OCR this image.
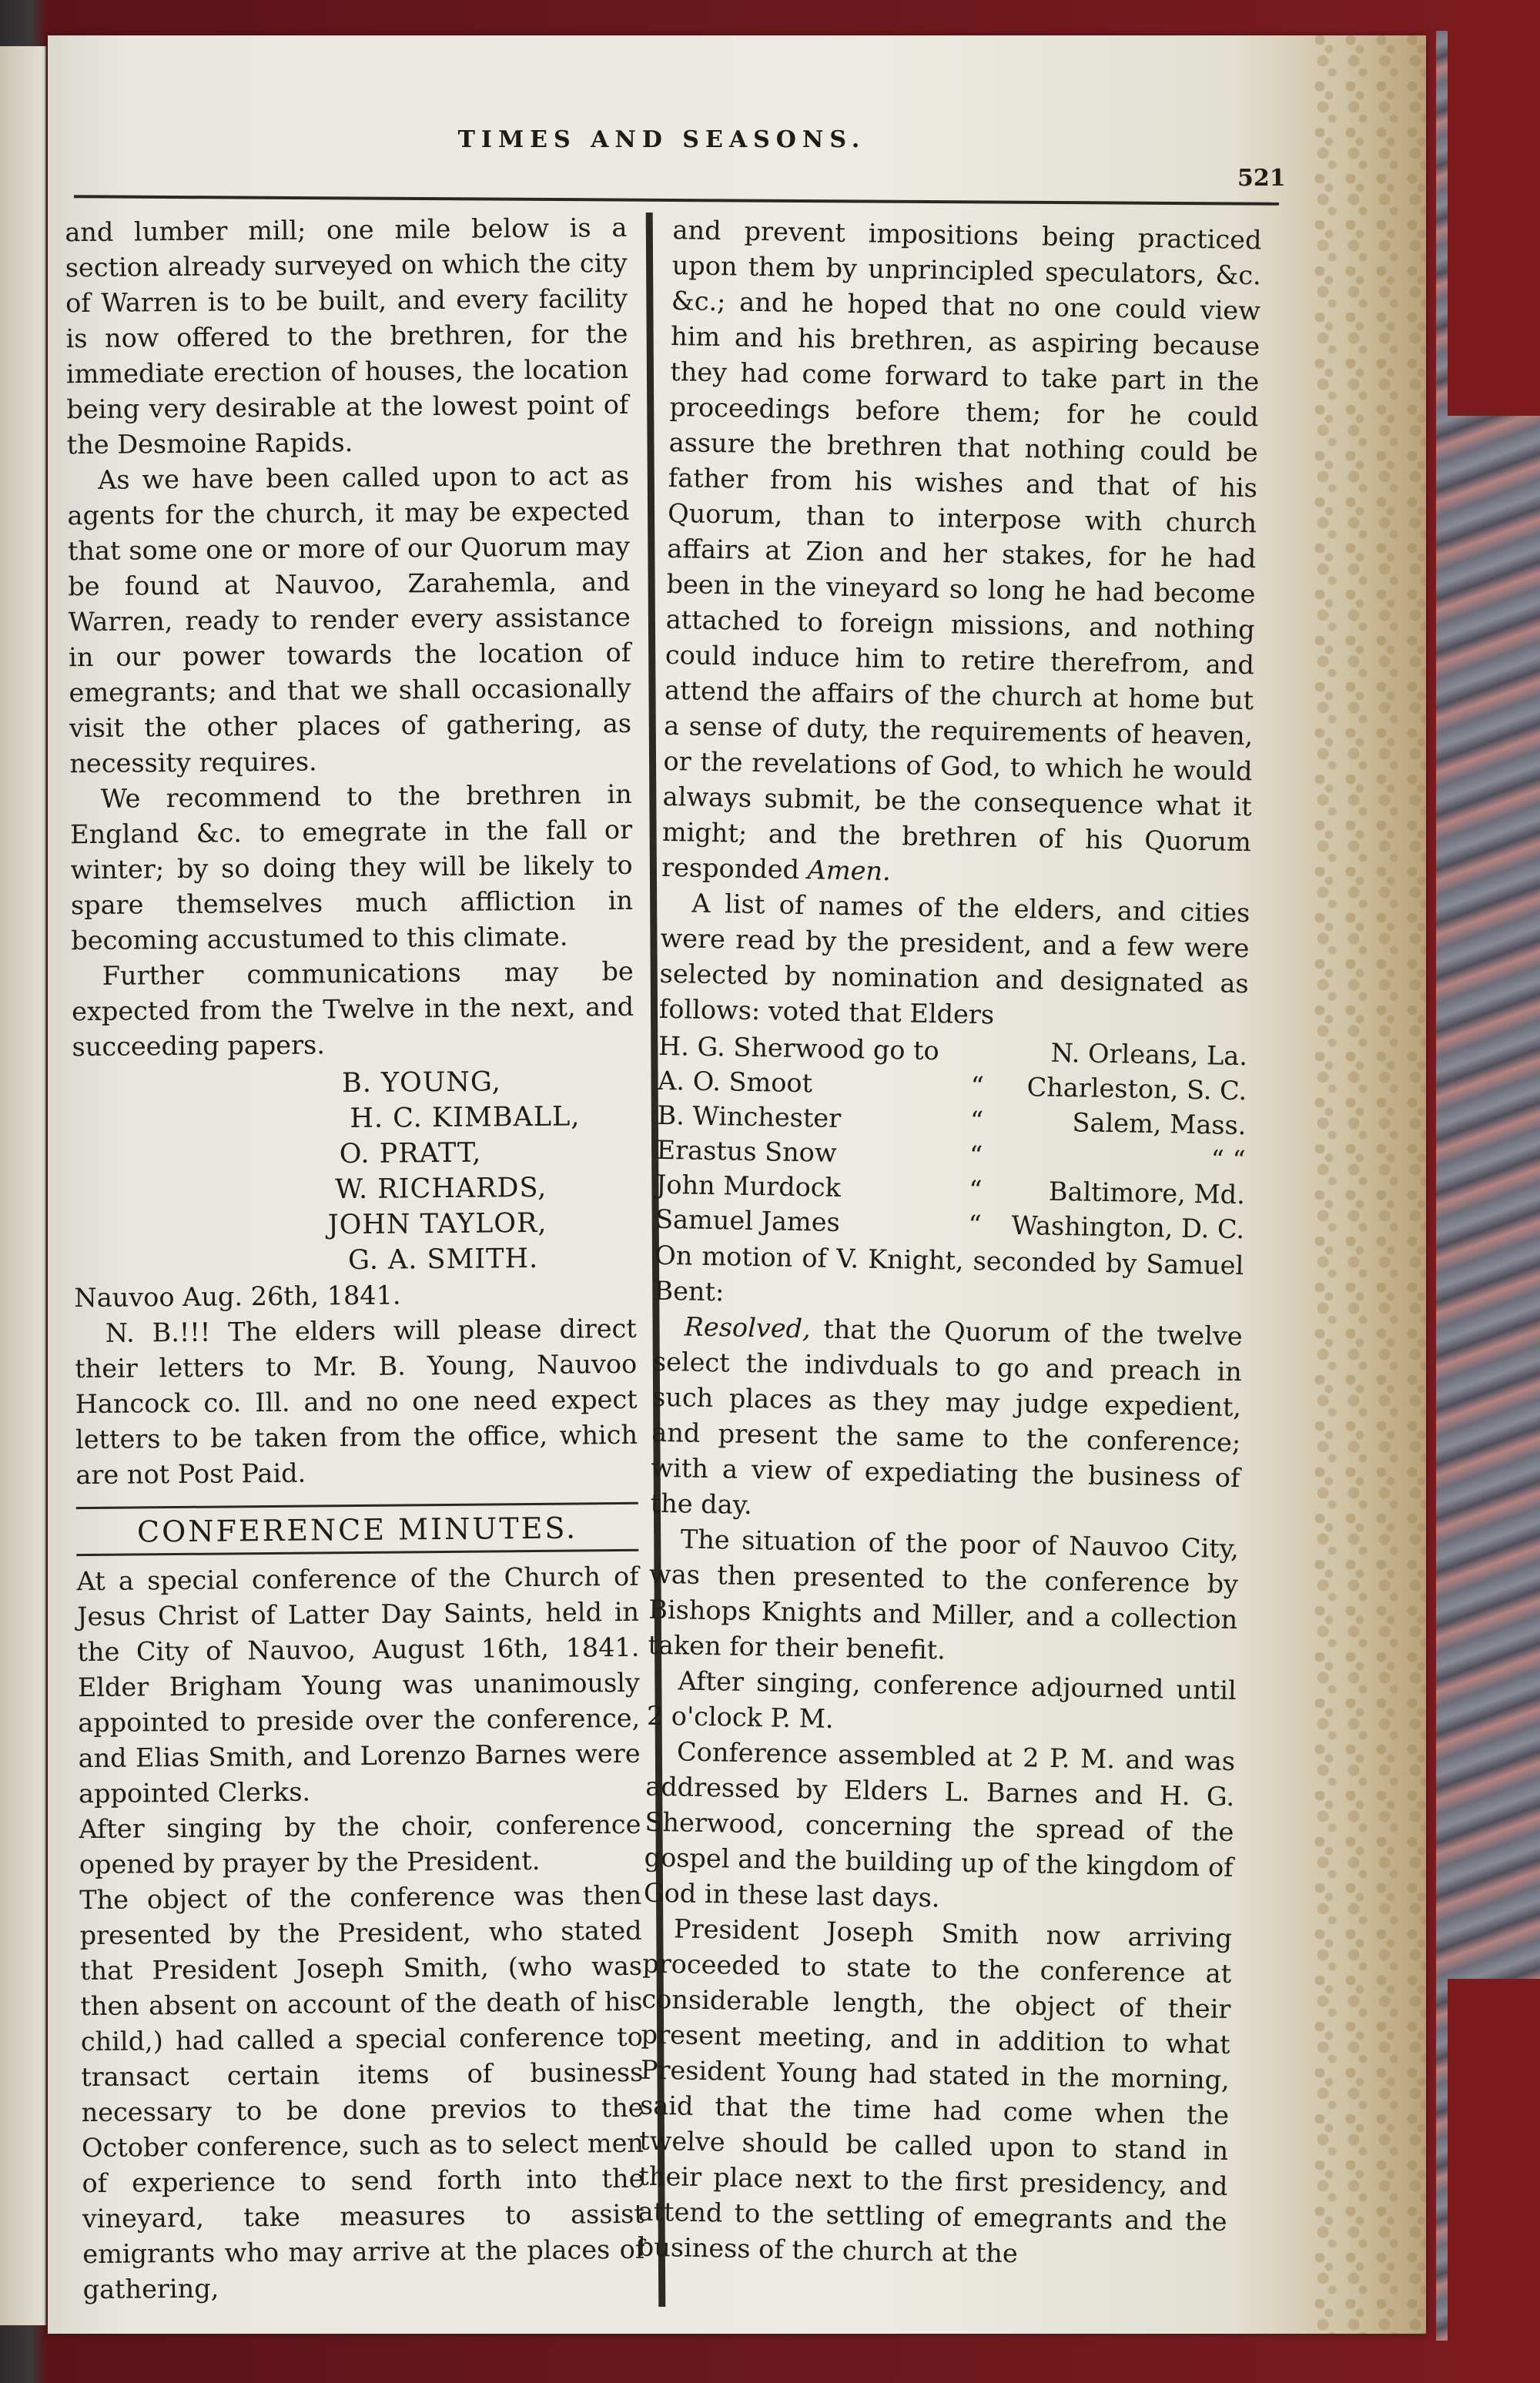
TIMES AND SEASONS.
521

and lumber mill; one mile below is a section already surveyed on which the city of Warren is to be built, and every facility is now offered to the brethren, for the immediate erection of houses, the location being very desirable at the lowest point of the Desmoine Rapids.

As we have been called upon to act as agents for the church, it may be expected that some one or more of our Quorum may be found at Nauvoo, Zarahemla, and Warren, ready to render every assistance in our power towards the location of emegrants; and that we shall occasionally visit the other places of gathering, as necessity requires.

We recommend to the brethren in England &c. to emegrate in the fall or winter; by so doing they will be likely to spare themselves much affliction in becoming accustumed to this climate.

Further communications may be expected from the Twelve in the next, and succeeding papers.

B. YOUNG,
H. C. KIMBALL,
O. PRATT,
W. RICHARDS,
JOHN TAYLOR,
G. A. SMITH.

Nauvoo Aug. 26th, 1841.

N. B.!!! The elders will please direct their letters to Mr. B. Young, Nauvoo Hancock co. Ill. and no one need expect letters to be taken from the office, which are not Post Paid.

CONFERENCE MINUTES.

At a special conference of the Church of Jesus Christ of Latter Day Saints, held in the City of Nauvoo, August 16th, 1841. Elder Brigham Young was unanimously appointed to preside over the conference, and Elias Smith, and Lorenzo Barnes were appointed Clerks.

After singing by the choir, conference opened by prayer by the President.

The object of the conference was then presented by the President, who stated that President Joseph Smith, (who was then absent on account of the death of his child,) had called a special conference to transact certain items of business necessary to be done previos to the October conference, such as to select men of experience to send forth into the vineyard, take measures to assist emigrants who may arrive at the places of gathering,

and prevent impositions being practiced upon them by unprincipled speculators, &c. &c.; and he hoped that no one could view him and his brethren, as aspiring because they had come forward to take part in the proceedings before them; for he could assure the brethren that nothing could be father from his wishes and that of his Quorum, than to interpose with church affairs at Zion and her stakes, for he had been in the vineyard so long he had become attached to foreign missions, and nothing could induce him to retire therefrom, and attend the affairs of the church at home but a sense of duty, the requirements of heaven, or the revelations of God, to which he would always submit, be the consequence what it might; and the brethren of his Quorum responded Amen.

A list of names of the elders, and cities were read by the president, and a few were selected by nomination and designated as follows: voted that Elders

H. G. Sherwood go to	N. Orleans, La.
A. O. Smoot	“	Charleston, S. C.
B. Winchester	“	Salem, Mass.
Erastus Snow	“	“ “
John Murdock	“	Baltimore, Md.
Samuel James	“	Washington, D. C.

On motion of V. Knight, seconded by Samuel Bent:

Resolved, that the Quorum of the twelve select the indivduals to go and preach in such places as they may judge expedient, and present the same to the conference; with a view of expediating the business of the day.

The situation of the poor of Nauvoo City, was then presented to the conference by Bishops Knights and Miller, and a collection taken for their benefit.

After singing, conference adjourned until 2 o'clock P. M.

Conference assembled at 2 P. M. and was addressed by Elders L. Barnes and H. G. Sherwood, concerning the spread of the gospel and the building up of the kingdom of God in these last days.

President Joseph Smith now arriving proceeded to state to the conference at considerable length, the object of their present meeting, and in addition to what President Young had stated in the morning, said that the time had come when the twelve should be called upon to stand in their place next to the first presidency, and attend to the settling of emegrants and the business of the church at the
